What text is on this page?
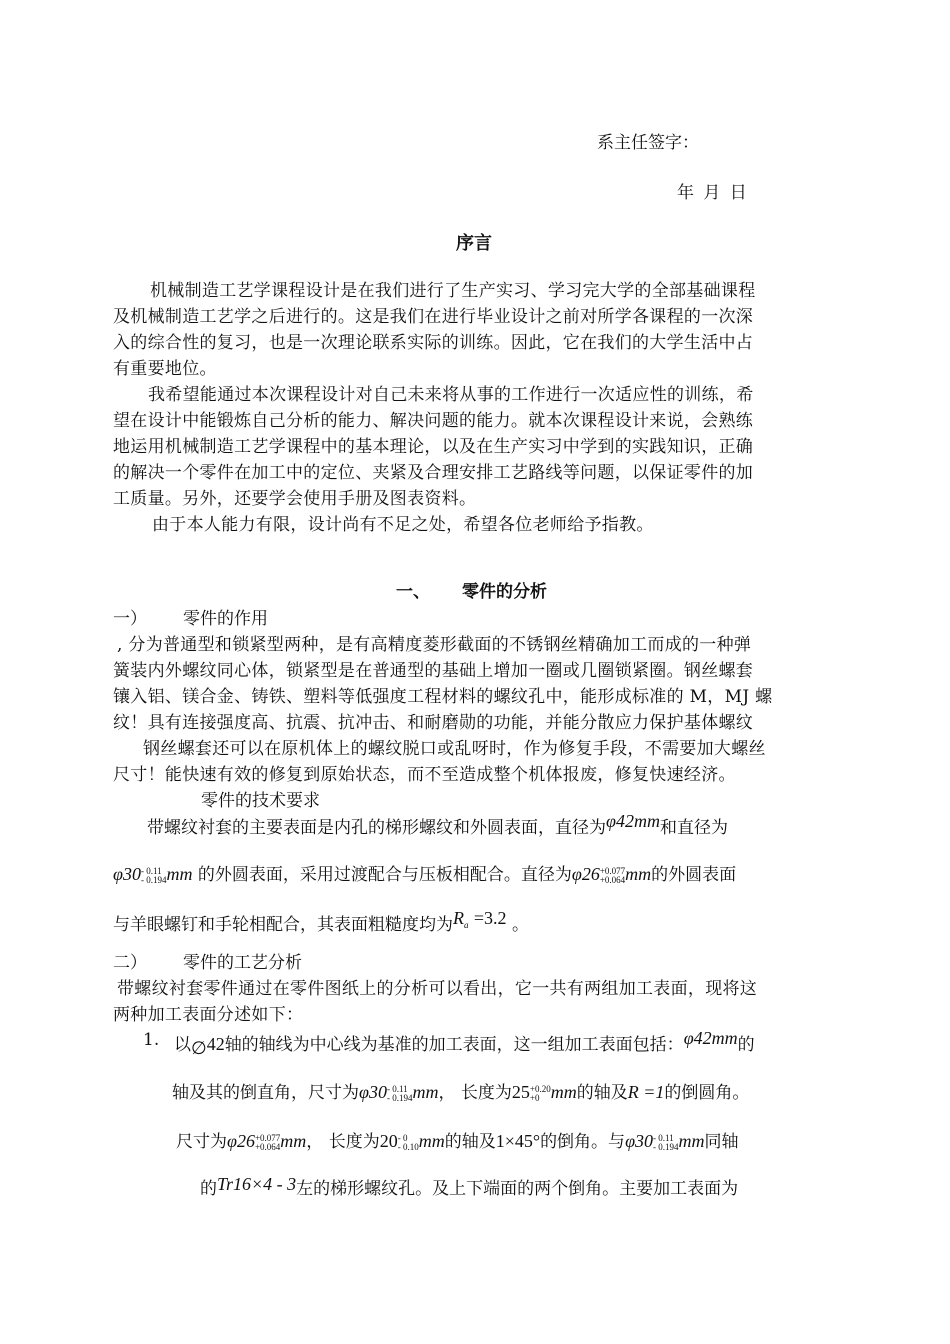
系主任签字：
年 月 日
序言
机械制造工艺学课程设计是在我们进行了生产实习、学习完大学的全部基础课程
及机械制造工艺学之后进行的。这是我们在进行毕业设计之前对所学各课程的一次深
入的综合性的复习，也是一次理论联系实际的训练。因此，它在我们的大学生活中占
有重要地位。
我希望能通过本次课程设计对自己未来将从事的工作进行一次适应性的训练，希
望在设计中能锻炼自己分析的能力、解决问题的能力。就本次课程设计来说，会熟练
地运用机械制造工艺学课程中的基本理论，以及在生产实习中学到的实践知识，正确
的解决一个零件在加工中的定位、夹紧及合理安排工艺路线等问题，以保证零件的加
工质量。另外，还要学会使用手册及图表资料。
由于本人能力有限，设计尚有不足之处，希望各位老师给予指教。
一、 零件的分析
一） 零件的作用
, 分为普通型和锁紧型两种，是有高精度菱形截面的不锈钢丝精确加工而成的一种弹
簧装内外螺纹同心体，锁紧型是在普通型的基础上增加一圈或几圈锁紧圈。钢丝螺套
镶入铝、镁合金、铸铁、塑料等低强度工程材料的螺纹孔中，能形成标准的 M，MJ 螺
纹！具有连接强度高、抗震、抗冲击、和耐磨勋的功能，并能分散应力保护基体螺纹
钢丝螺套还可以在原机体上的螺纹脱口或乱呀时，作为修复手段，不需要加大螺丝
尺寸！能快速有效的修复到原始状态，而不至造成整个机体报废，修复快速经济。
零件的技术要求
带螺纹衬套的主要表面是内孔的梯形螺纹和外圆表面，直径为φ42mm和直径为
φ30 - 0.11
- 0.194 mm 的外圆表面，采用过渡配合与压板相配合。直径为φ26 +0.077
+0.064 mm的外圆表面
与羊眼螺钉和手轮相配合，其表面粗糙度均为Ra =3.2 。
二） 零件的工艺分析
带螺纹衬套零件通过在零件图纸上的分析可以看出，它一共有两组加工表面，现将这
两种加工表面分述如下：
1. 以∅42轴的轴线为中心线为基准的加工表面，这一组加工表面包括：φ42mm的
轴及其的倒直角，尺寸为φ30 - 0.11
- 0.194 mm， 长度为25 +0.20
+0 mm的轴及R =1的倒圆角。
尺寸为φ26 +0.077
+0.064 mm， 长度为20 - 0
- 0.10 mm的轴及1×45°的倒角。与φ30 - 0.11
- 0.194 mm同轴
的Tr16×4 - 3左的梯形螺纹孔。及上下端面的两个倒角。主要加工表面为
